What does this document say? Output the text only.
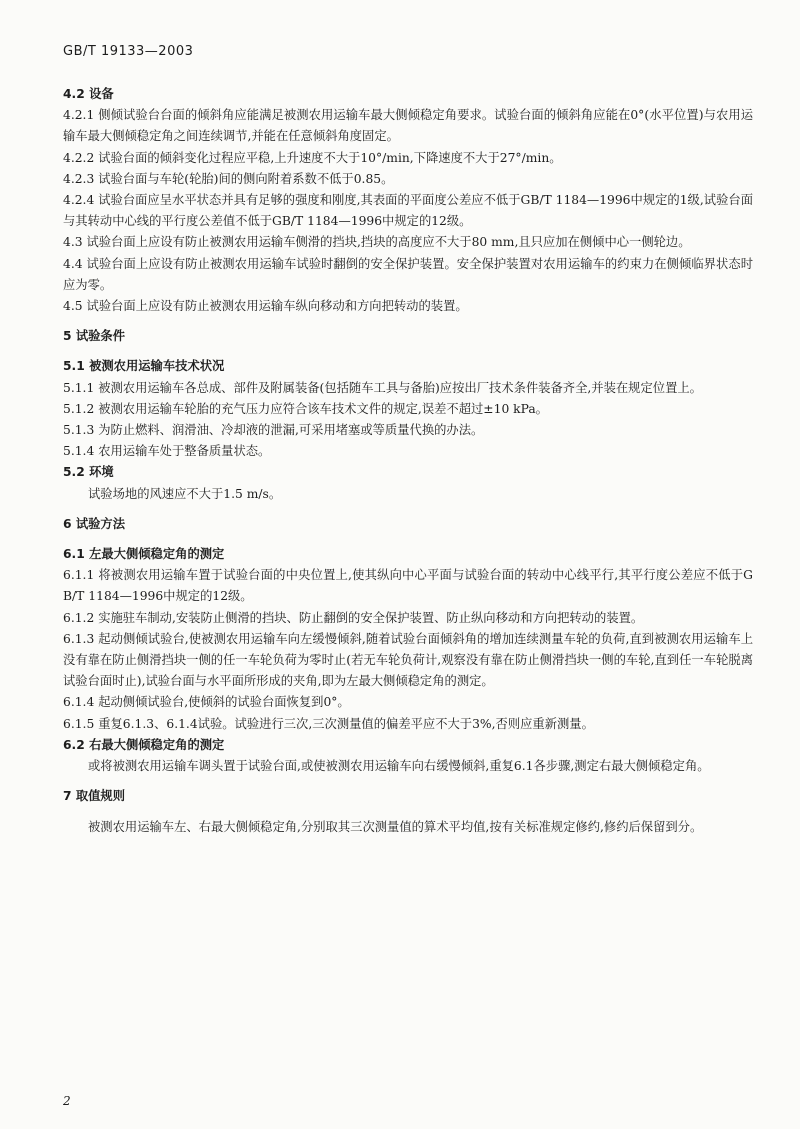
GB/T 19133—2003
4.2 设备
4.2.1 侧倾试验台台面的倾斜角应能满足被测农用运输车最大侧倾稳定角要求。试验台面的倾斜角应能在0°(水平位置)与农用运输车最大侧倾稳定角之间连续调节,并能在任意倾斜角度固定。
4.2.2 试验台面的倾斜变化过程应平稳,上升速度不大于10°/min,下降速度不大于27°/min。
4.2.3 试验台面与车轮(轮胎)间的侧向附着系数不低于0.85。
4.2.4 试验台面应呈水平状态并具有足够的强度和刚度,其表面的平面度公差应不低于GB/T 1184—1996中规定的1级,试验台面与其转动中心线的平行度公差值不低于GB/T 1184—1996中规定的12级。
4.3 试验台面上应设有防止被测农用运输车侧滑的挡块,挡块的高度应不大于80 mm,且只应加在侧倾中心一侧轮边。
4.4 试验台面上应设有防止被测农用运输车试验时翻倒的安全保护装置。安全保护装置对农用运输车的约束力在侧倾临界状态时应为零。
4.5 试验台面上应设有防止被测农用运输车纵向移动和方向把转动的装置。
5 试验条件
5.1 被测农用运输车技术状况
5.1.1 被测农用运输车各总成、部件及附属装备(包括随车工具与备胎)应按出厂技术条件装备齐全,并装在规定位置上。
5.1.2 被测农用运输车轮胎的充气压力应符合该车技术文件的规定,误差不超过±10 kPa。
5.1.3 为防止燃料、润滑油、冷却液的泄漏,可采用堵塞或等质量代换的办法。
5.1.4 农用运输车处于整备质量状态。
5.2 环境
试验场地的风速应不大于1.5 m/s。
6 试验方法
6.1 左最大侧倾稳定角的测定
6.1.1 将被测农用运输车置于试验台面的中央位置上,使其纵向中心平面与试验台面的转动中心线平行,其平行度公差应不低于GB/T 1184—1996中规定的12级。
6.1.2 实施驻车制动,安装防止侧滑的挡块、防止翻倒的安全保护装置、防止纵向移动和方向把转动的装置。
6.1.3 起动侧倾试验台,使被测农用运输车向左缓慢倾斜,随着试验台面倾斜角的增加连续测量车轮的负荷,直到被测农用运输车上没有靠在防止侧滑挡块一侧的任一车轮负荷为零时止(若无车轮负荷计,观察没有靠在防止侧滑挡块一侧的车轮,直到任一车轮脱离试验台面时止),试验台面与水平面所形成的夹角,即为左最大侧倾稳定角的测定。
6.1.4 起动侧倾试验台,使倾斜的试验台面恢复到0°。
6.1.5 重复6.1.3、6.1.4试验。试验进行三次,三次测量值的偏差平应不大于3%,否则应重新测量。
6.2 右最大侧倾稳定角的测定
或将被测农用运输车调头置于试验台面,或使被测农用运输车向右缓慢倾斜,重复6.1各步骤,测定右最大侧倾稳定角。
7 取值规则
被测农用运输车左、右最大侧倾稳定角,分别取其三次测量值的算术平均值,按有关标准规定修约,修约后保留到分。
2
